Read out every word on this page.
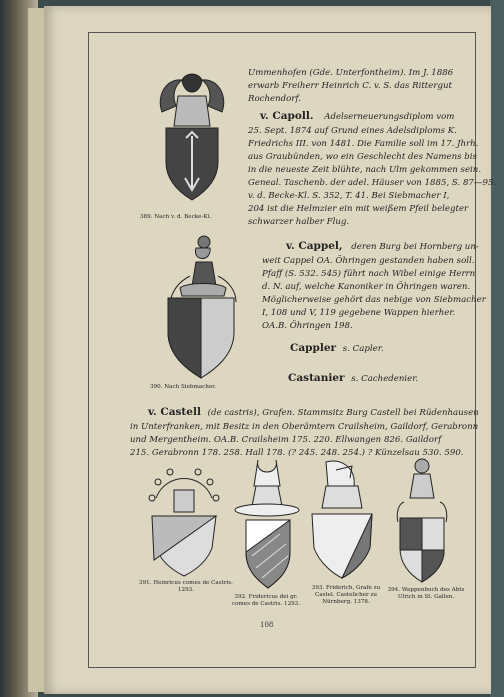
389. Nach v. d. Becke-Kl.
Ummenhofen (Gde. Unterfontheim). Im J. 1886
erwarb Freiherr Heinrich C. v. S. das Rittergut
Rochendorf.
v. Capoll. Adelserneuerungsdiplom vom
25. Sept. 1874 auf Grund eines Adelsdiploms K.
Friedrichs III. von 1481. Die Familie soll im 17. Jhrh.
aus Graubünden, wo ein Geschlecht des Namens bis
in die neueste Zeit blühte, nach Ulm gekommen sein.
Geneal. Taschenb. der adel. Häuser von 1885, S. 87—95.
v. d. Becke-Kl. S. 352, T. 41. Bei Siebmacher I,
204 ist die Helmzier ein mit weißem Pfeil belegter
schwarzer halber Flug.
390. Nach Siebmacher.
v. Cappel, deren Burg bei Hornberg un-
weit Cappel OA. Öhringen gestanden haben soll.
Pfaff (S. 532. 545) führt nach Wibel einige Herrn
d. N. auf, welche Kanoniker in Öhringen waren.
Möglicherweise gehört das nebige von Siebmacher
I, 108 und V, 119 gegebene Wappen hierher.
OA.B. Öhringen 198.
Cappler s. Capler.
Castanier s. Cachedenier.
v. Castell (de castris), Grafen. Stammsitz Burg Castell bei Rüdenhausen
in Unterfranken, mit Besitz in den Oberämtern Crailsheim, Gaildorf, Gerabronn
und Mergentheim. OA.B. Crailsheim 175. 220. Ellwangen 826. Gaildorf
215. Gerabronn 178. 258. Hall 178. (? 245. 248. 254.) ? Künzelsau 530. 590.
391. Heinricus comes de Castris.
1293.
392. Fridericus dei gr.
comes de Castris. 1293.
393. Friderich, Grafe zu
Castel. Castelicher zu
Nürnberg. 1378.
394. Wappenbuch des Abts
Ulrich in St. Gallen.
108
